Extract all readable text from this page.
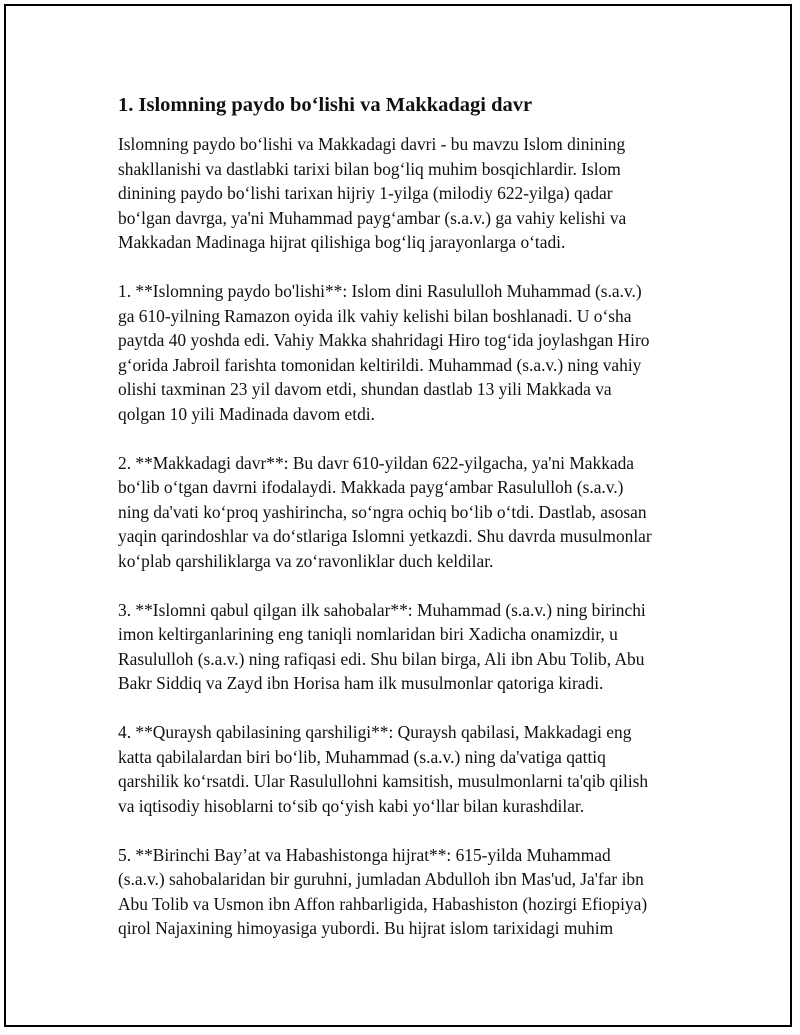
1. Islomning paydo bo‘lishi va Makkadagi davr

Islomning paydo bo‘lishi va Makkadagi davri - bu mavzu Islom dinining
shakllanishi va dastlabki tarixi bilan bog‘liq muhim bosqichlardir. Islom
dinining paydo bo‘lishi tarixan hijriy 1-yilga (milodiy 622-yilga) qadar
bo‘lgan davrga, ya'ni Muhammad payg‘ambar (s.a.v.) ga vahiy kelishi va
Makkadan Madinaga hijrat qilishiga bog‘liq jarayonlarga o‘tadi.

1. **Islomning paydo bo'lishi**: Islom dini Rasululloh Muhammad (s.a.v.)
ga 610-yilning Ramazon oyida ilk vahiy kelishi bilan boshlanadi. U o‘sha
paytda 40 yoshda edi. Vahiy Makka shahridagi Hiro tog‘ida joylashgan Hiro
g‘orida Jabroil farishta tomonidan keltirildi. Muhammad (s.a.v.) ning vahiy
olishi taxminan 23 yil davom etdi, shundan dastlab 13 yili Makkada va
qolgan 10 yili Madinada davom etdi.

2. **Makkadagi davr**: Bu davr 610-yildan 622-yilgacha, ya'ni Makkada
bo‘lib o‘tgan davrni ifodalaydi. Makkada payg‘ambar Rasululloh (s.a.v.)
ning da'vati ko‘proq yashirincha, so‘ngra ochiq bo‘lib o‘tdi. Dastlab, asosan
yaqin qarindoshlar va do‘stlariga Islomni yetkazdi. Shu davrda musulmonlar
ko‘plab qarshiliklarga va zo‘ravonliklar duch keldilar.

3. **Islomni qabul qilgan ilk sahobalar**: Muhammad (s.a.v.) ning birinchi
imon keltirganlarining eng taniqli nomlaridan biri Xadicha onamizdir, u
Rasululloh (s.a.v.) ning rafiqasi edi. Shu bilan birga, Ali ibn Abu Tolib, Abu
Bakr Siddiq va Zayd ibn Horisa ham ilk musulmonlar qatoriga kiradi.

4. **Quraysh qabilasining qarshiligi**: Quraysh qabilasi, Makkadagi eng
katta qabilalardan biri bo‘lib, Muhammad (s.a.v.) ning da'vatiga qattiq
qarshilik ko‘rsatdi. Ular Rasulullohni kamsitish, musulmonlarni ta'qib qilish
va iqtisodiy hisoblarni to‘sib qo‘yish kabi yo‘llar bilan kurashdilar.

5. **Birinchi Bay’at va Habashistonga hijrat**: 615-yilda Muhammad
(s.a.v.) sahobalaridan bir guruhni, jumladan Abdulloh ibn Mas'ud, Ja'far ibn
Abu Tolib va Usmon ibn Affon rahbarligida, Habashiston (hozirgi Efiopiya)
qirol Najaxining himoyasiga yubordi. Bu hijrat islom tarixidagi muhim
